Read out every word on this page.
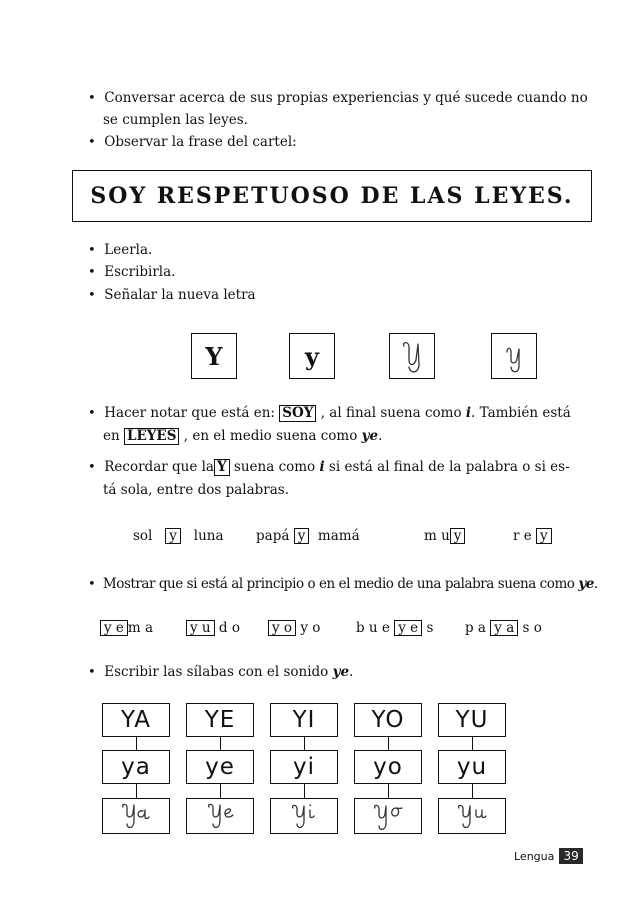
• Conversar acerca de sus propias experiencias y qué sucede cuando no
se cumplen las leyes.
• Observar la frase del cartel:
SOY RESPETUOSO DE LAS LEYES.
• Leerla.
• Escribirla.
• Señalar la nueva letra
Y	y
• Hacer notar que está en: SOY , al final suena como i. También está
en LEYES , en el medio suena como ye.
• Recordar que la Y suena como i si está al final de la palabra o si es-
tá sola, entre dos palabras.
sol y luna papá y mamá	m u y	r e y
• Mostrar que si está al principio o en el medio de una palabra suena como ye.
y e m a	y u d o y o y o	b u e y e s p a y a s o
• Escribir las sílabas con el sonido ye.
YA	YE	YI	YO	YU
ya	ye	yi	yo	yu
Lengua 39
